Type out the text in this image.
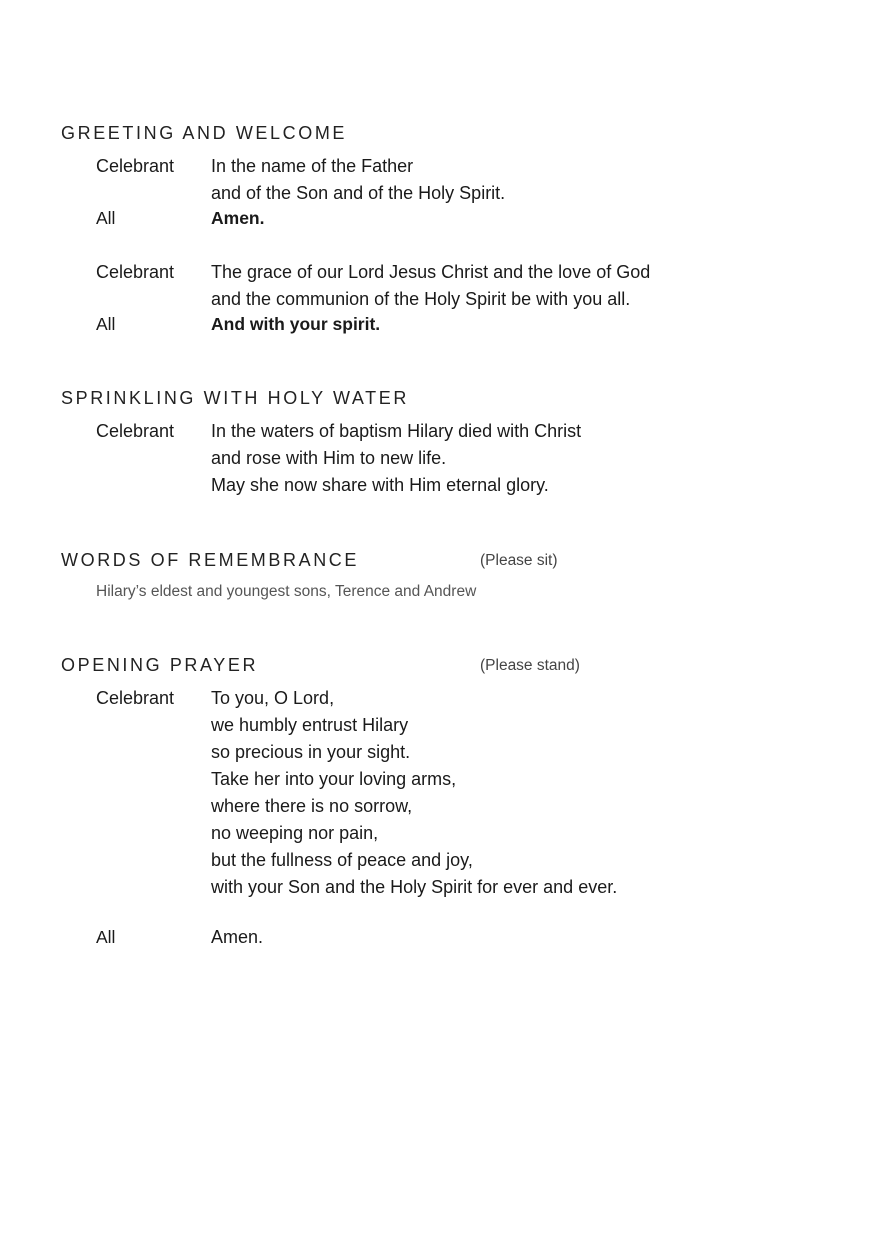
GREETING AND WELCOME
Celebrant In the name of the Father
and of the Son and of the Holy Spirit.
All	Amen.
Celebrant The grace of our Lord Jesus Christ and the love of God
and the communion of the Holy Spirit be with you all.
All	And with your spirit.
SPRINKLING WITH HOLY WATER
Celebrant In the waters of baptism Hilary died with Christ
and rose with Him to new life.
May she now share with Him eternal glory.
WORDS OF REMEMBRANCE	(Please sit)
Hilary’s eldest and youngest sons, Terence and Andrew
OPENING PRAYER	(Please stand)
Celebrant To you, O Lord,
we humbly entrust Hilary
so precious in your sight.
Take her into your loving arms,
where there is no sorrow,
no weeping nor pain,
but the fullness of peace and joy,
with your Son and the Holy Spirit for ever and ever.
All	Amen.
